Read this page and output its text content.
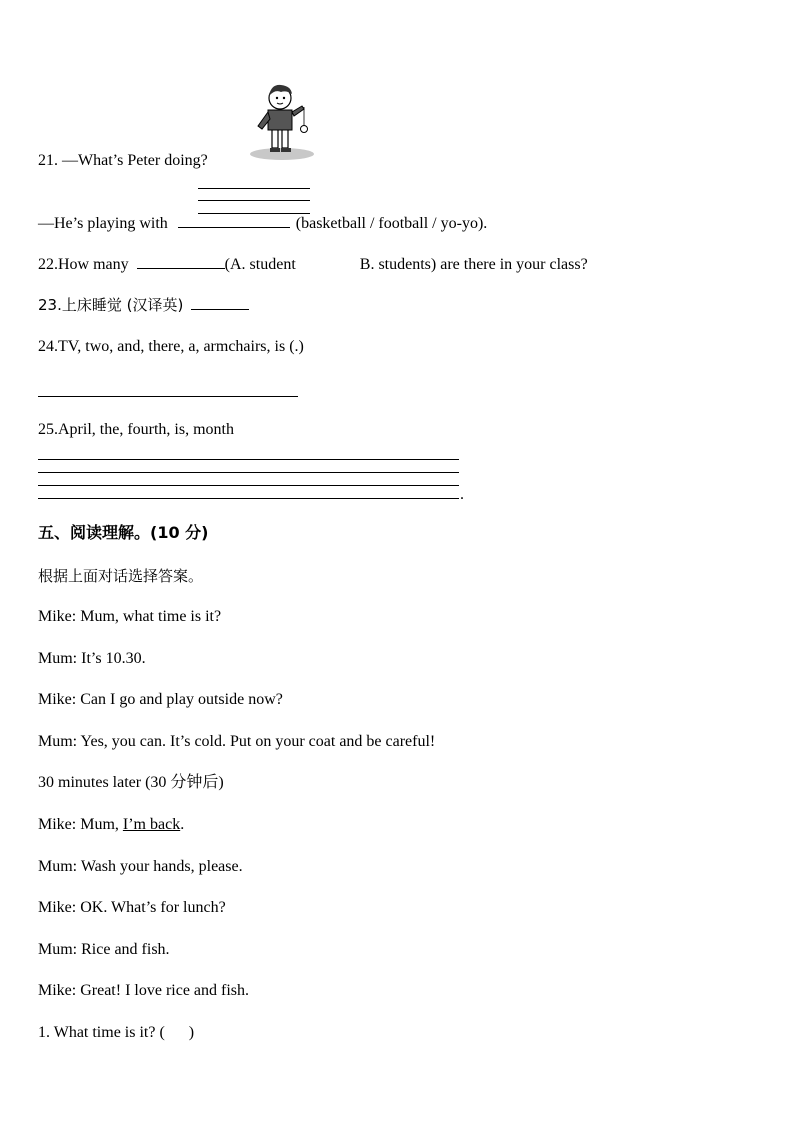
21. —What’s Peter doing?
—He’s playing with	(basketball / football / yo-yo).
22.How many	(A. student	B. students) are there in your class?
23.上床睡觉 (汉译英)
24.TV, two, and, there, a, armchairs, is (.)
25.April, the, fourth, is, month
.
五、阅读理解。(10 分)
根据上面对话选择答案。
Mike: Mum, what time is it?
Mum: It’s 10.30.
Mike: Can I go and play outside now?
Mum: Yes, you can. It’s cold. Put on your coat and be careful!
30 minutes later (30 分钟后)
Mike: Mum, I’m back.
Mum: Wash your hands, please.
Mike: OK. What’s for lunch?
Mum: Rice and fish.
Mike: Great! I love rice and fish.
1. What time is it? (      )
